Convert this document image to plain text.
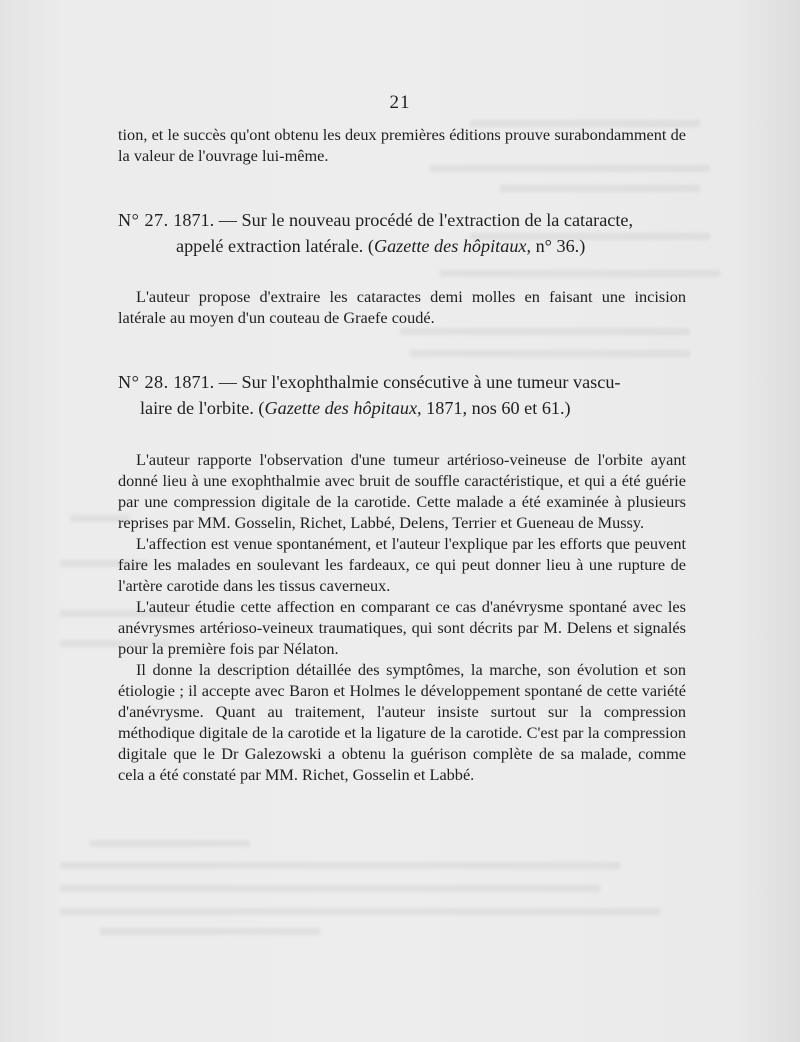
21

tion, et le succès qu'ont obtenu les deux premières éditions prouve surabondamment de la valeur de l'ouvrage lui-même.

N° 27. 1871. — Sur le nouveau procédé de l'extraction de la cataracte,
appelé extraction latérale. (Gazette des hôpitaux, n° 36.)

L'auteur propose d'extraire les cataractes demi molles en faisant une incision latérale au moyen d'un couteau de Graefe coudé.

N° 28. 1871. — Sur l'exophthalmie consécutive à une tumeur vascu-
laire de l'orbite. (Gazette des hôpitaux, 1871, nos 60 et 61.)

L'auteur rapporte l'observation d'une tumeur artérioso-veineuse de l'orbite ayant donné lieu à une exophthalmie avec bruit de souffle caractéristique, et qui a été guérie par une compression digitale de la carotide. Cette malade a été examinée à plusieurs reprises par MM. Gosselin, Richet, Labbé, Delens, Terrier et Gueneau de Mussy.

L'affection est venue spontanément, et l'auteur l'explique par les efforts que peuvent faire les malades en soulevant les fardeaux, ce qui peut donner lieu à une rupture de l'artère carotide dans les tissus caverneux.

L'auteur étudie cette affection en comparant ce cas d'anévrysme spontané avec les anévrysmes artérioso-veineux traumatiques, qui sont décrits par M. Delens et signalés pour la première fois par Nélaton.

Il donne la description détaillée des symptômes, la marche, son évolution et son étiologie ; il accepte avec Baron et Holmes le développement spontané de cette variété d'anévrysme. Quant au traitement, l'auteur insiste surtout sur la compression méthodique digitale de la carotide et la ligature de la carotide. C'est par la compression digitale que le Dr Galezowski a obtenu la guérison complète de sa malade, comme cela a été constaté par MM. Richet, Gosselin et Labbé.
